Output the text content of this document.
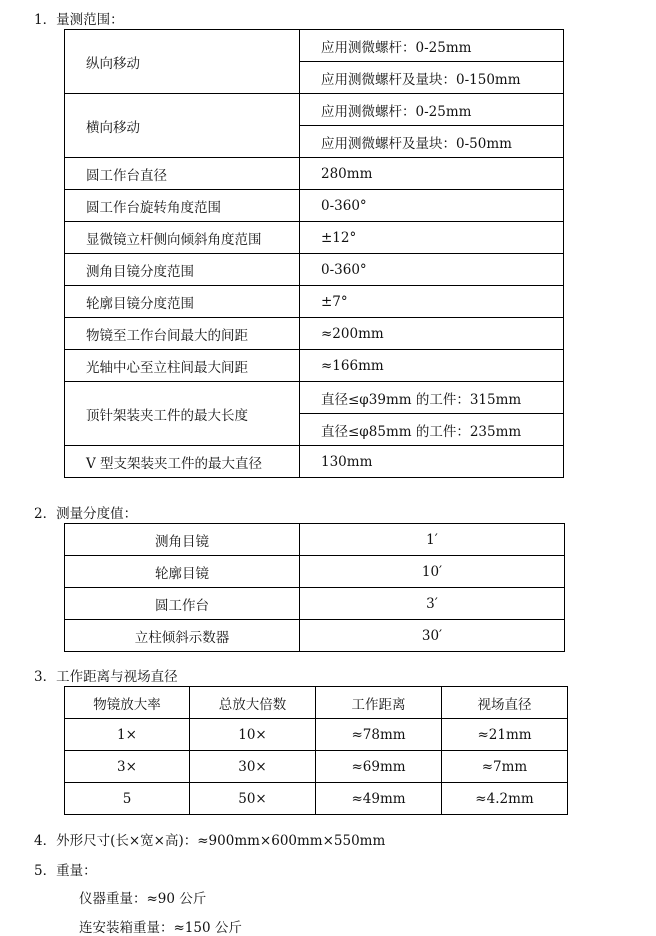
1．量测范围：
纵向移动	应用测微螺杆：0-25mm
	应用测微螺杆及量块：0-150mm
横向移动	应用测微螺杆：0-25mm
	应用测微螺杆及量块：0-50mm
圆工作台直径	280mm
圆工作台旋转角度范围	0-360°
显微镜立杆侧向倾斜角度范围	±12°
测角目镜分度范围	0-360°
轮廓目镜分度范围	±7°
物镜至工作台间最大的间距	≈200mm
光轴中心至立柱间最大间距	≈166mm
顶针架装夹工件的最大长度	直径≤φ39mm 的工件：315mm
	直径≤φ85mm 的工件：235mm
V 型支架装夹工件的最大直径	130mm
2．测量分度值：
测角目镜	1′
轮廓目镜	10′
圆工作台	3′
立柱倾斜示数器	30′
3．工作距离与视场直径
物镜放大率	总放大倍数	工作距离	视场直径
1×	10×	≈78mm	≈21mm
3×	30×	≈69mm	≈7mm
5	50×	≈49mm	≈4.2mm
4．外形尺寸(长×宽×高)：≈900mm×600mm×550mm
5．重量：
仪器重量：≈90 公斤
连安装箱重量：≈150 公斤
